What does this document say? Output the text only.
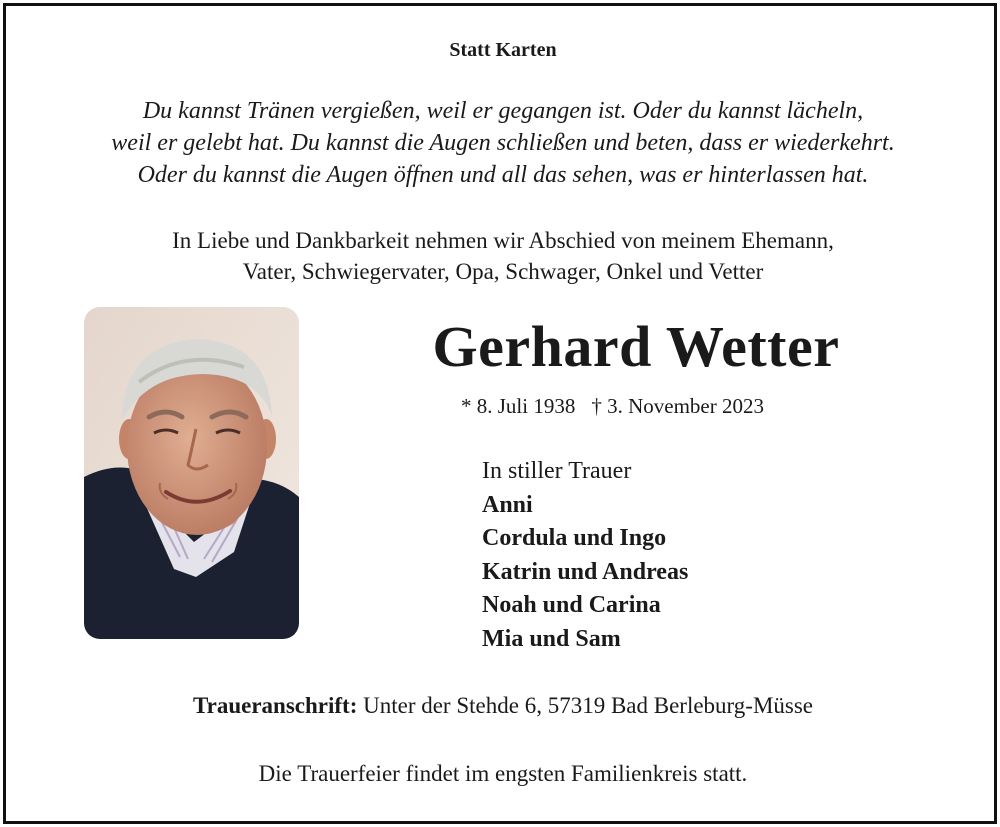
Statt Karten
Du kannst Tränen vergießen, weil er gegangen ist. Oder du kannst lächeln,
weil er gelebt hat. Du kannst die Augen schließen und beten, dass er wiederkehrt.
Oder du kannst die Augen öffnen und all das sehen, was er hinterlassen hat.
In Liebe und Dankbarkeit nehmen wir Abschied von meinem Ehemann,
Vater, Schwiegervater, Opa, Schwager, Onkel und Vetter
Gerhard Wetter
* 8. Juli 1938 † 3. November 2023
In stiller Trauer
Anni
Cordula und Ingo
Katrin und Andreas
Noah und Carina
Mia und Sam
Traueranschrift: Unter der Stehde 6, 57319 Bad Berleburg-Müsse
Die Trauerfeier findet im engsten Familienkreis statt.
